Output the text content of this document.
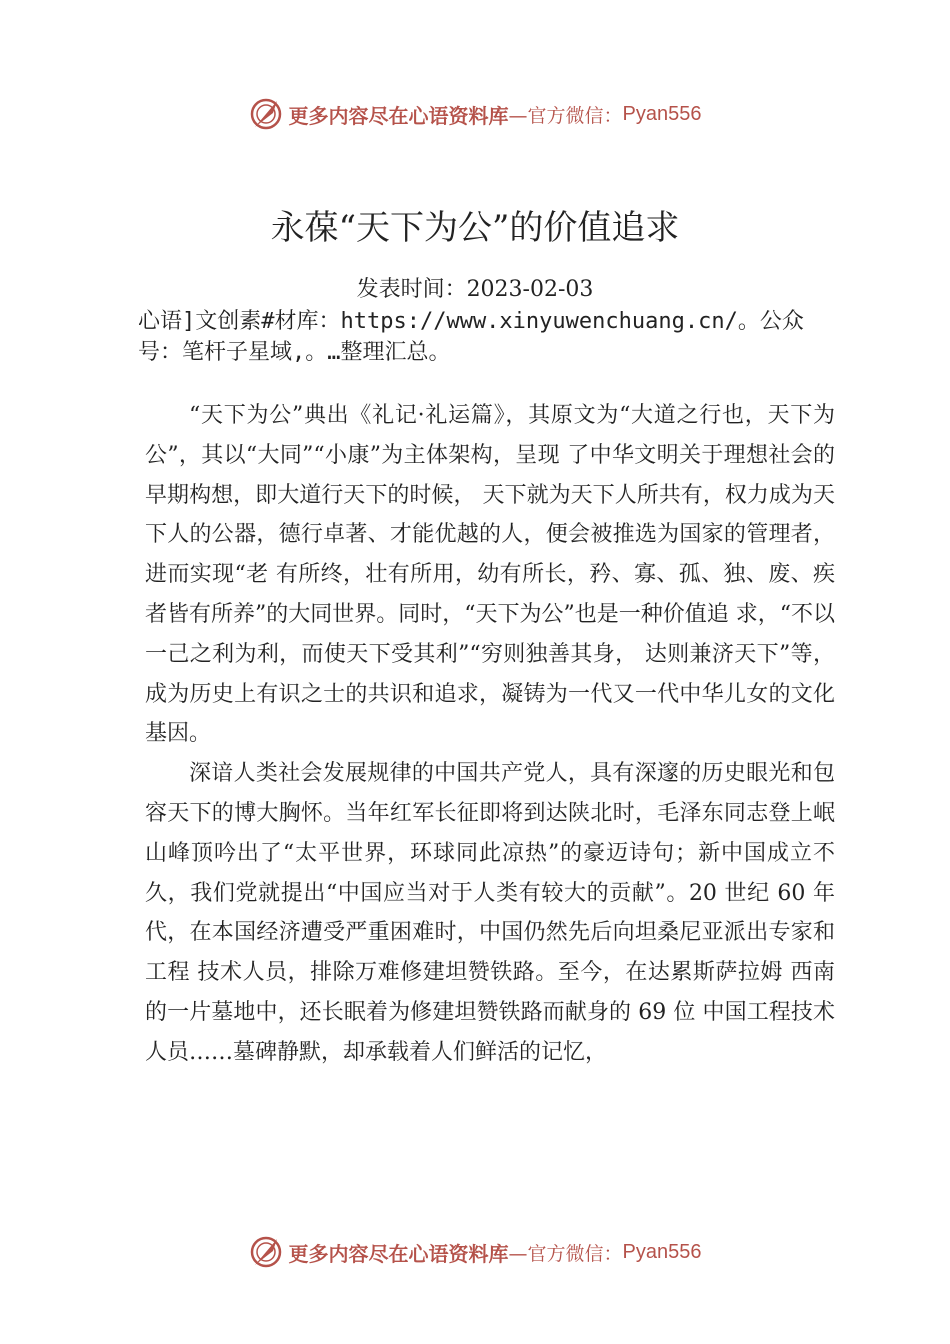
更多内容尽在心语资料库 —官方微信： Pyan556
永葆“天下为公”的价值追求
发表时间：2023-02-03
心语]文创素#材库：https://www.xinyuwenchuang.cn/。公众号：笔杆子星域,。…整理汇总。

“天下为公”典出《礼记·礼运篇》，其原文为“大道之行也，天下为公”，其以“大同”“小康”为主体架构，呈现 了中华文明关于理想社会的早期构想，即大道行天下的时候， 天下就为天下人所共有，权力成为天下人的公器，德行卓著、才能优越的人，便会被推选为国家的管理者，进而实现“老 有所终，壮有所用，幼有所长，矜、寡、孤、独、废、疾者皆有所养”的大同世界。同时，“天下为公”也是一种价值追 求，“不以一己之利为利，而使天下受其利”“穷则独善其身， 达则兼济天下”等，成为历史上有识之士的共识和追求，凝铸为一代又一代中华儿女的文化基因。

深谙人类社会发展规律的中国共产党人，具有深邃的历史眼光和包容天下的博大胸怀。当年红军长征即将到达陕北时，毛泽东同志登上岷山峰顶吟出了“太平世界，环球同此凉热”的豪迈诗句；新中国成立不久，我们党就提出“中国应当对于人类有较大的贡献”。20 世纪 60 年代，在本国经济遭受严重困难时，中国仍然先后向坦桑尼亚派出专家和工程 技术人员，排除万难修建坦赞铁路。至今，在达累斯萨拉姆 西南的一片墓地中，还长眠着为修建坦赞铁路而献身的 69 位 中国工程技术人员……墓碑静默，却承载着人们鲜活的记忆，

更多内容尽在心语资料库 —官方微信： Pyan556
